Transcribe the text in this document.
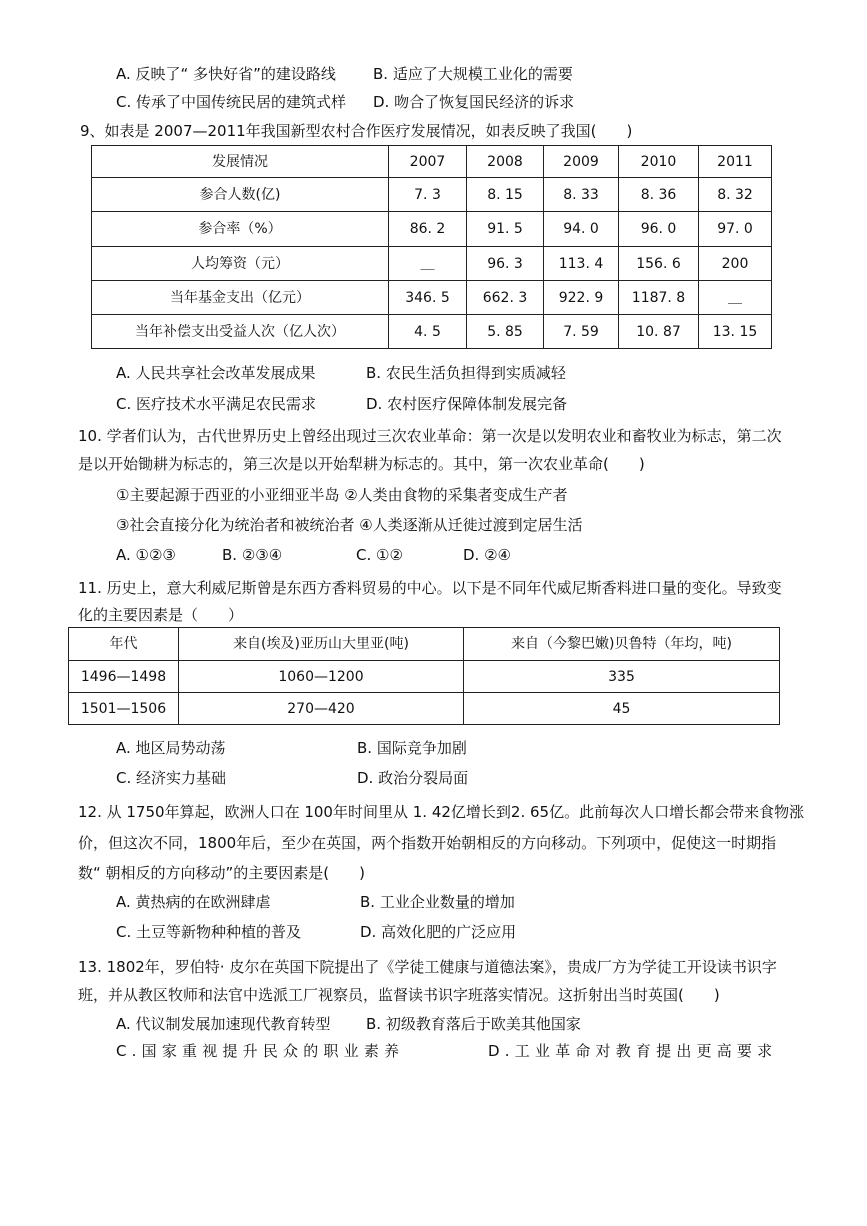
A. 反映了“ 多快好省”的建设路线 B. 适应了大规模工业化的需要
C. 传承了中国传统民居的建筑式样 D. 吻合了恢复国民经济的诉求
9、如表是 2007—2011年我国新型农村合作医疗发展情况，如表反映了我国(　　)
发展情况	2007	2008	2009	2010	2011
参合人数(亿)	7. 3	8. 15	8. 33	8. 36	8. 32
参合率（%）	86. 2	91. 5	94. 0	96. 0	97. 0
人均筹资（元）	＿	96. 3	113. 4	156. 6	200
当年基金支出（亿元）	346. 5	662. 3	922. 9	1187. 8	＿
当年补偿支出受益人次（亿人次）	4. 5	5. 85	7. 59	10. 87	13. 15
A. 人民共享社会改革发展成果	B. 农民生活负担得到实质减轻
C. 医疗技术水平满足农民需求	D. 农村医疗保障体制发展完备
10. 学者们认为，古代世界历史上曾经出现过三次农业革命：第一次是以发明农业和畜牧业为标志，第二次
是以开始锄耕为标志的，第三次是以开始犁耕为标志的。其中，第一次农业革命(　　)
①主要起源于西亚的小亚细亚半岛 ②人类由食物的采集者变成生产者
③社会直接分化为统治者和被统治者 ④人类逐渐从迁徙过渡到定居生活
A. ①②③	B. ②③④	C. ①②	D. ②④
11. 历史上，意大利威尼斯曾是东西方香料贸易的中心。以下是不同年代威尼斯香料进口量的变化。导致变
化的主要因素是（　　）
年代	来自(埃及)亚历山大里亚(吨)	来自（今黎巴嫩)贝鲁特（年均，吨)
1496—1498	1060—1200	335
1501—1506	270—420	45
A. 地区局势动荡	B. 国际竞争加剧
C. 经济实力基础	D. 政治分裂局面
12. 从 1750年算起，欧洲人口在 100年时间里从 1. 42亿增长到2. 65亿。此前每次人口增长都会带来食物涨
价，但这次不同，1800年后，至少在英国，两个指数开始朝相反的方向移动。下列项中，促使这一时期指
数“ 朝相反的方向移动”的主要因素是(　　)
A. 黄热病的在欧洲肆虐	B. 工业企业数量的增加
C. 土豆等新物种种植的普及	D. 高效化肥的广泛应用
13. 1802年，罗伯特· 皮尔在英国下院提出了《学徒工健康与道德法案》，贵成厂方为学徒工开设读书识字
班，并从教区牧师和法官中选派工厂视察员，监督读书识字班落实情况。这折射出当时英国(　　)
A. 代议制发展加速现代教育转型 B. 初级教育落后于欧美其他国家
C.国家重视提升民众的职业素养	D.工业革命对教育提出更高要求
